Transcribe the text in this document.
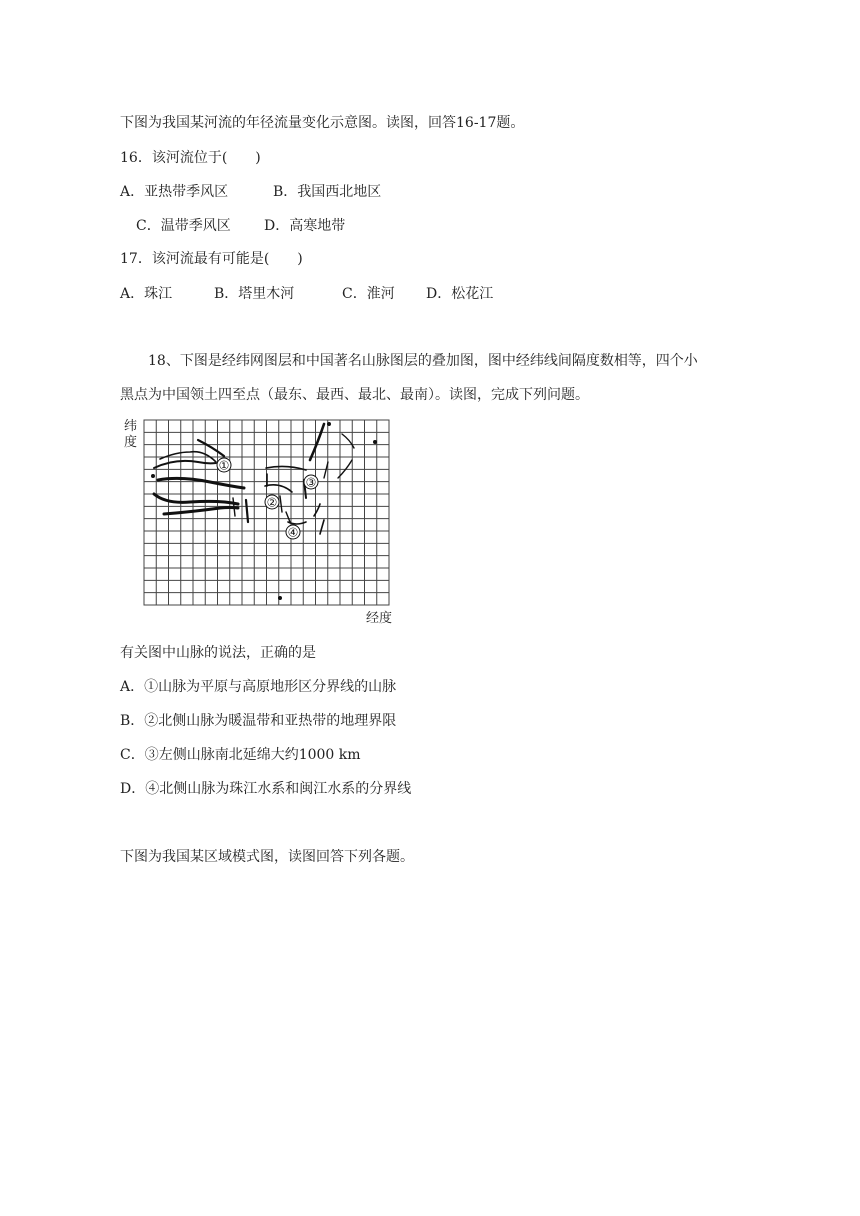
下图为我国某河流的年径流量变化示意图。读图，回答16-17题。
16．该河流位于(　　)
A．亚热带季风区	B．我国西北地区
C．温带季风区 D．高寒地带
17．该河流最有可能是(　　)
A．珠江	B．塔里木河	C．淮河 D．松花江
18、下图是经纬网图层和中国著名山脉图层的叠加图，图中经纬线间隔度数相等，四个小
黑点为中国领土四至点（最东、最西、最北、最南）。读图，完成下列问题。
纬
度
经度
①
②
③
④
有关图中山脉的说法，正确的是
A．①山脉为平原与高原地形区分界线的山脉
B．②北侧山脉为暖温带和亚热带的地理界限
C．③左侧山脉南北延绵大约1000 km
D．④北侧山脉为珠江水系和闽江水系的分界线
下图为我国某区域模式图，读图回答下列各题。
